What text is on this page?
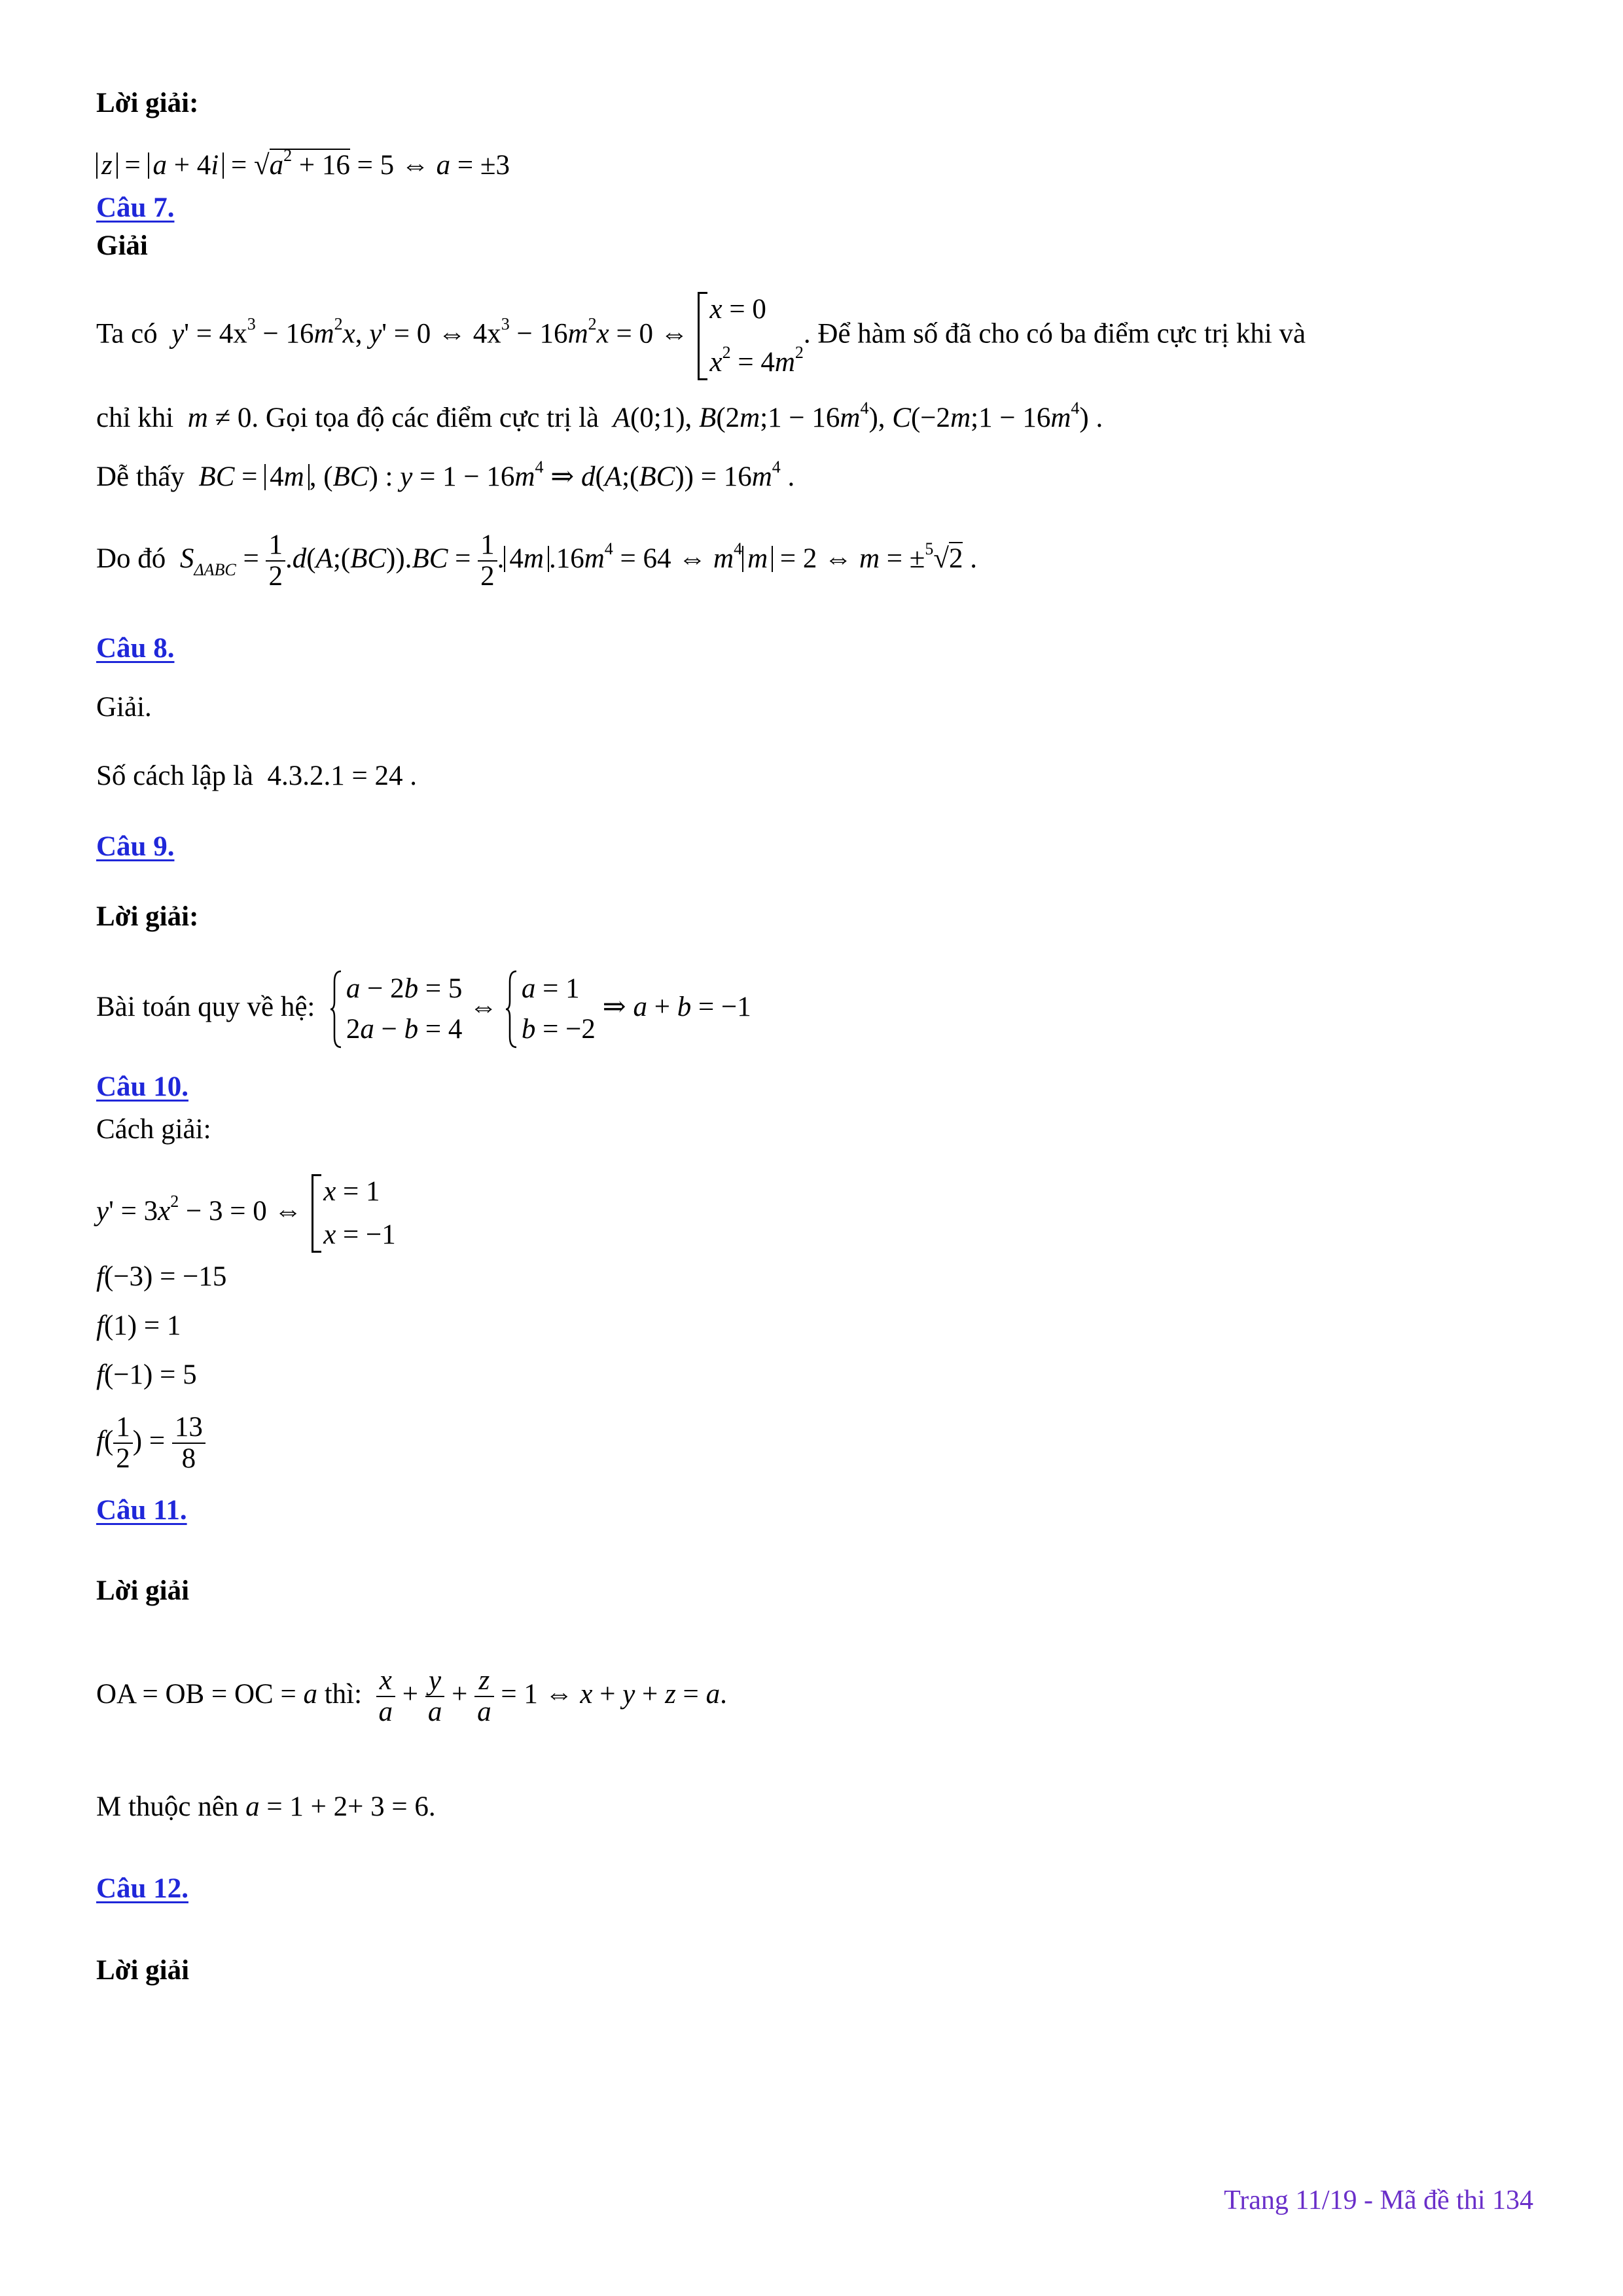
Lời giải:
$z = a + 4i = √a^2 + 16 = 5$ ⇔ a = ±3
Câu 7.
Giải
Ta có $y' = 4x^3 - 16m^2x$, y' = 0 ⇔ $4x^3 - 16m^2x = 0$ ⇔ x = 0
$x^2 = 4m^2$. Để hàm số đã cho có ba điểm cực trị khi và
chỉ khi m ≠ 0. Gọi tọa độ các điểm cực trị là A(0;1), B(2m;1 − $16m^4$), C(−2m;1 − $16m^4$) .
Dễ thấy BC = 4m , (BC) : $y = 1 - 16m^4$ ⇒ d(A;(BC)) = $16m^4$ .
Do đó $S_{\Delta ABC} = \frac{1}{2}$ .d(A;(BC)).BC = $\frac{1}{2}$ . 4m $.16m^4 = 64$ ⇔ $m^4$ m = 2 ⇔ m = ±$^5$√2 .
Câu 8.
Giải.
Số cách lập là 4.3.2.1 = 24 .
Câu 9.
Lời giải:
Bài toán quy về hệ:
a − 2b = 5
2a − b = 4 ⇔
a = 1
b = −2 ⇒ a + b = −1
Câu 10.
Cách giải:
$y' = 3x^2 - 3 = 0$ ⇔ x = 1
x = −1
f(−3) = −15
f(1) = 1
f(−1) = 5
$f( \frac{1}{2}$ ) = $\frac{13}{8}$
Câu 11.
Lời giải
OA = OB = OC = a thì: $\frac{x}{a} + \frac{y}{a} + \frac{z}{a} = 1$ ⇔ x + y + z = a.
M thuộc nên a = 1 + 2+ 3 = 6.
Câu 12.
Lời giải
Trang 11/19 - Mã đề thi 134
